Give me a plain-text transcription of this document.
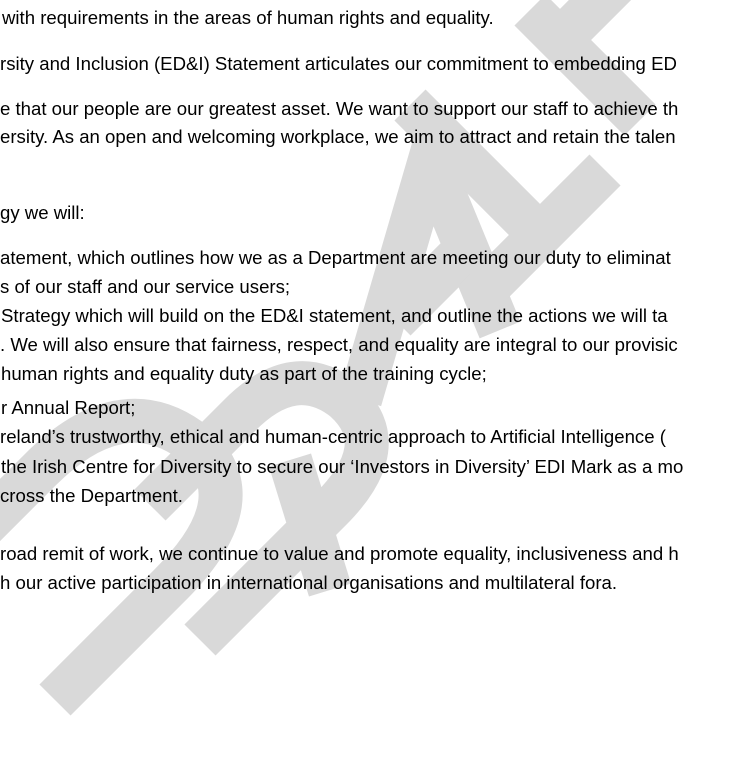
with requirements in the areas of human rights and equality.
rsity and Inclusion (ED&I) Statement articulates our commitment to embedding ED
e that our people are our greatest asset. We want to support our staff to achieve th
ersity. As an open and welcoming workplace, we aim to attract and retain the talen
gy we will:
atement, which outlines how we as a Department are meeting our duty to eliminat
s of our staff and our service users;
Strategy which will build on the ED&I statement, and outline the actions we will ta
. We will also ensure that fairness, respect, and equality are integral to our provisic
human rights and equality duty as part of the training cycle;
r Annual Report;
reland’s trustworthy, ethical and human-centric approach to Artificial Intelligence (
the Irish Centre for Diversity to secure our ‘Investors in Diversity’ EDI Mark as a mo
cross the Department.
road remit of work, we continue to value and promote equality, inclusiveness and h
h our active participation in international organisations and multilateral fora.
